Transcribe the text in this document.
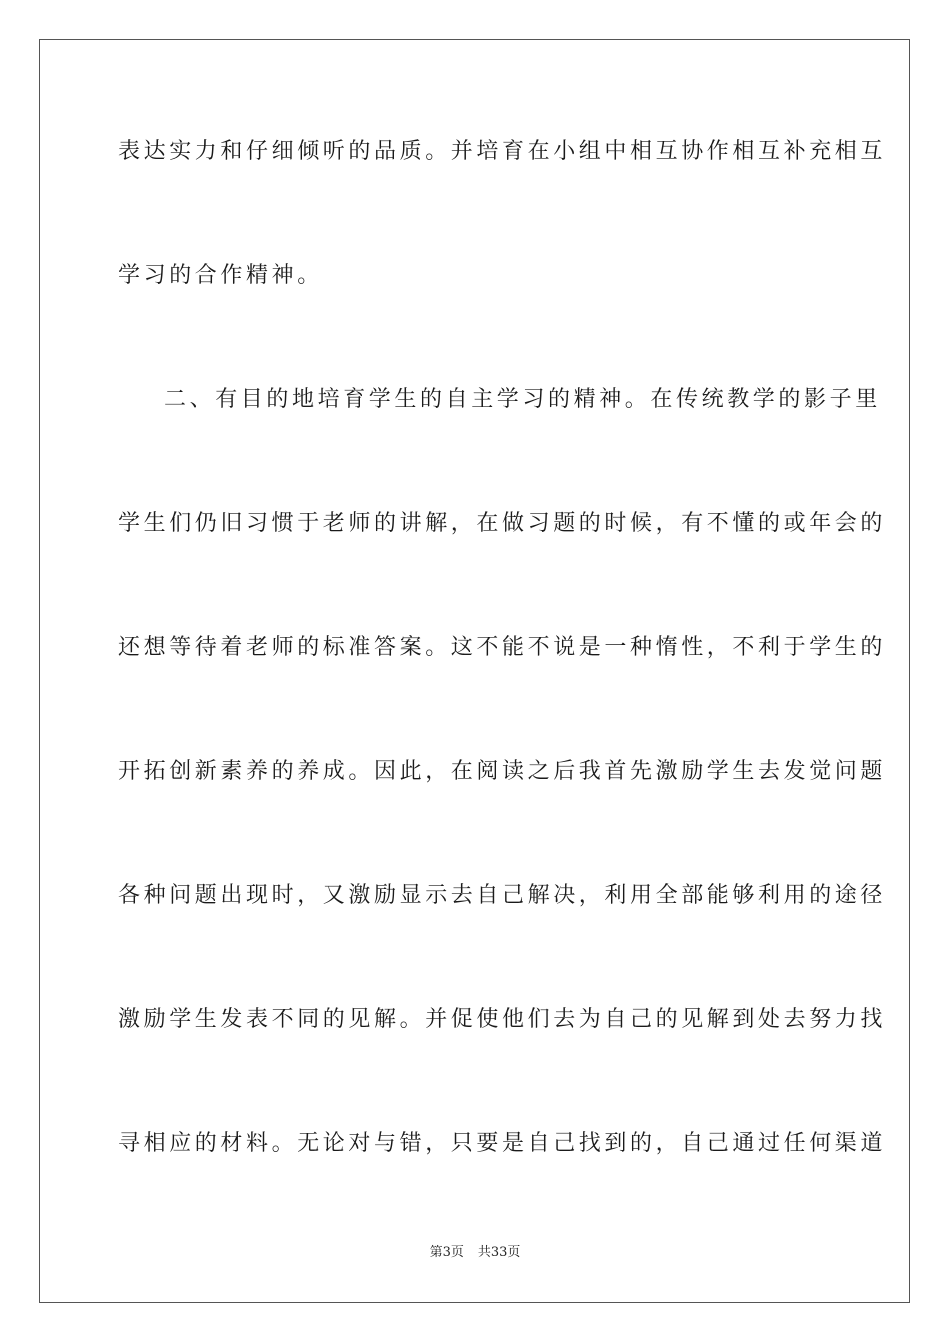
表达实力和仔细倾听的品质。并培育在小组中相互协作相互补充相互
学习的合作精神。
二、有目的地培育学生的自主学习的精神。在传统教学的影子里
学生们仍旧习惯于老师的讲解，在做习题的时候，有不懂的或年会的
还想等待着老师的标准答案。这不能不说是一种惰性，不利于学生的
开拓创新素养的养成。因此，在阅读之后我首先激励学生去发觉问题
各种问题出现时，又激励显示去自己解决，利用全部能够利用的途径
激励学生发表不同的见解。并促使他们去为自己的见解到处去努力找
寻相应的材料。无论对与错，只要是自己找到的，自己通过任何渠道
第3页 共33页
